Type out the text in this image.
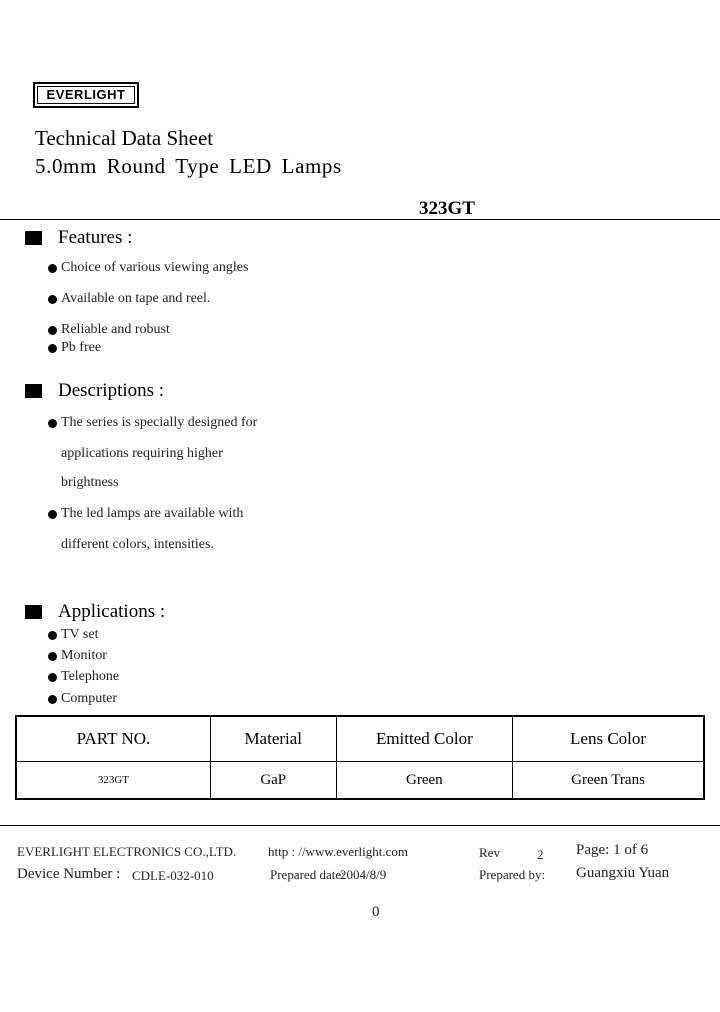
EVERLIGHT
Technical Data Sheet
5.0mm Round Type LED Lamps
323GT
Features :
Choice of various viewing angles
Available on tape and reel.
Reliable and robust
Pb free
Descriptions :
The series is specially designed for
applications requiring higher
brightness
The led lamps are available with
different colors, intensities.
Applications :
TV set
Monitor
Telephone
Computer
PART NO.	Material	Emitted Color	Lens Color
323GT	GaP	Green	Green Trans
EVERLIGHT ELECTRONICS CO.,LTD. http : //www.everlight.com	Rev	2 Page: 1 of 6
Device Number : CDLE-032-010	Prepared date:
2004/8/9	Prepared by: Guangxiu Yuan
0
